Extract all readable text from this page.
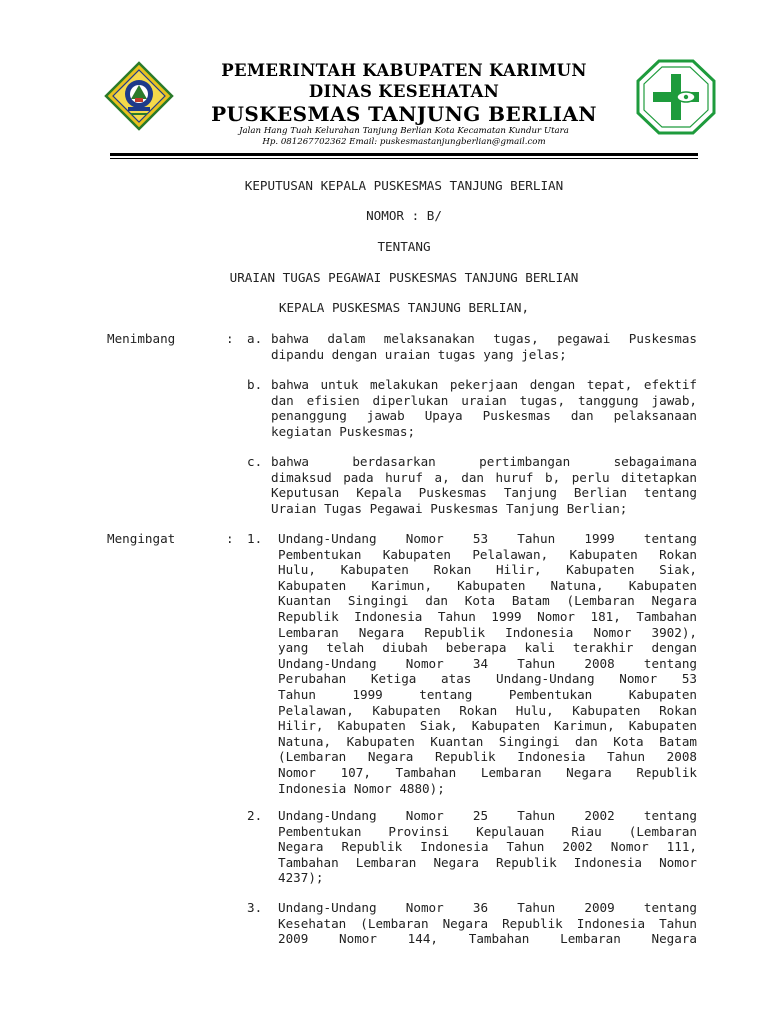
PEMERINTAH KABUPATEN KARIMUN
DINAS KESEHATAN
PUSKESMAS TANJUNG BERLIAN
Jalan Hang Tuah Kelurahan Tanjung Berlian Kota Kecamatan Kundur Utara
Hp. 081267702362 Email: puskesmastanjungberlian@gmail.com
KEPUTUSAN KEPALA PUSKESMAS TANJUNG BERLIAN
NOMOR : B/
TENTANG
URAIAN TUGAS PEGAWAI PUSKESMAS TANJUNG BERLIAN
KEPALA PUSKESMAS TANJUNG BERLIAN,
Menimbang	: a. bahwa dalam melaksanakan tugas, pegawai Puskesmas
dipandu dengan uraian tugas yang jelas;
b. bahwa untuk melakukan pekerjaan dengan tepat, efektif
dan efisien diperlukan uraian tugas, tanggung jawab,
penanggung jawab Upaya Puskesmas dan pelaksanaan
kegiatan Puskesmas;
c. bahwa berdasarkan pertimbangan sebagaimana
dimaksud pada huruf a, dan huruf b, perlu ditetapkan
Keputusan Kepala Puskesmas Tanjung Berlian tentang
Uraian Tugas Pegawai Puskesmas Tanjung Berlian;
Mengingat	: 1. Undang-Undang Nomor 53 Tahun 1999 tentang
Pembentukan Kabupaten Pelalawan, Kabupaten Rokan
Hulu, Kabupaten Rokan Hilir, Kabupaten Siak,
Kabupaten Karimun, Kabupaten Natuna, Kabupaten
Kuantan Singingi dan Kota Batam (Lembaran Negara
Republik Indonesia Tahun 1999 Nomor 181, Tambahan
Lembaran Negara Republik Indonesia Nomor 3902),
yang telah diubah beberapa kali terakhir dengan
Undang-Undang Nomor 34 Tahun 2008 tentang
Perubahan Ketiga atas Undang-Undang Nomor 53
Tahun 1999 tentang Pembentukan Kabupaten
Pelalawan, Kabupaten Rokan Hulu, Kabupaten Rokan
Hilir, Kabupaten Siak, Kabupaten Karimun, Kabupaten
Natuna, Kabupaten Kuantan Singingi dan Kota Batam
(Lembaran Negara Republik Indonesia Tahun 2008
Nomor 107, Tambahan Lembaran Negara Republik
Indonesia Nomor 4880);
2. Undang-Undang Nomor 25 Tahun 2002 tentang
Pembentukan Provinsi Kepulauan Riau (Lembaran
Negara Republik Indonesia Tahun 2002 Nomor 111,
Tambahan Lembaran Negara Republik Indonesia Nomor
4237);
3. Undang-Undang Nomor 36 Tahun 2009 tentang
Kesehatan (Lembaran Negara Republik Indonesia Tahun
2009 Nomor 144, Tambahan Lembaran Negara
